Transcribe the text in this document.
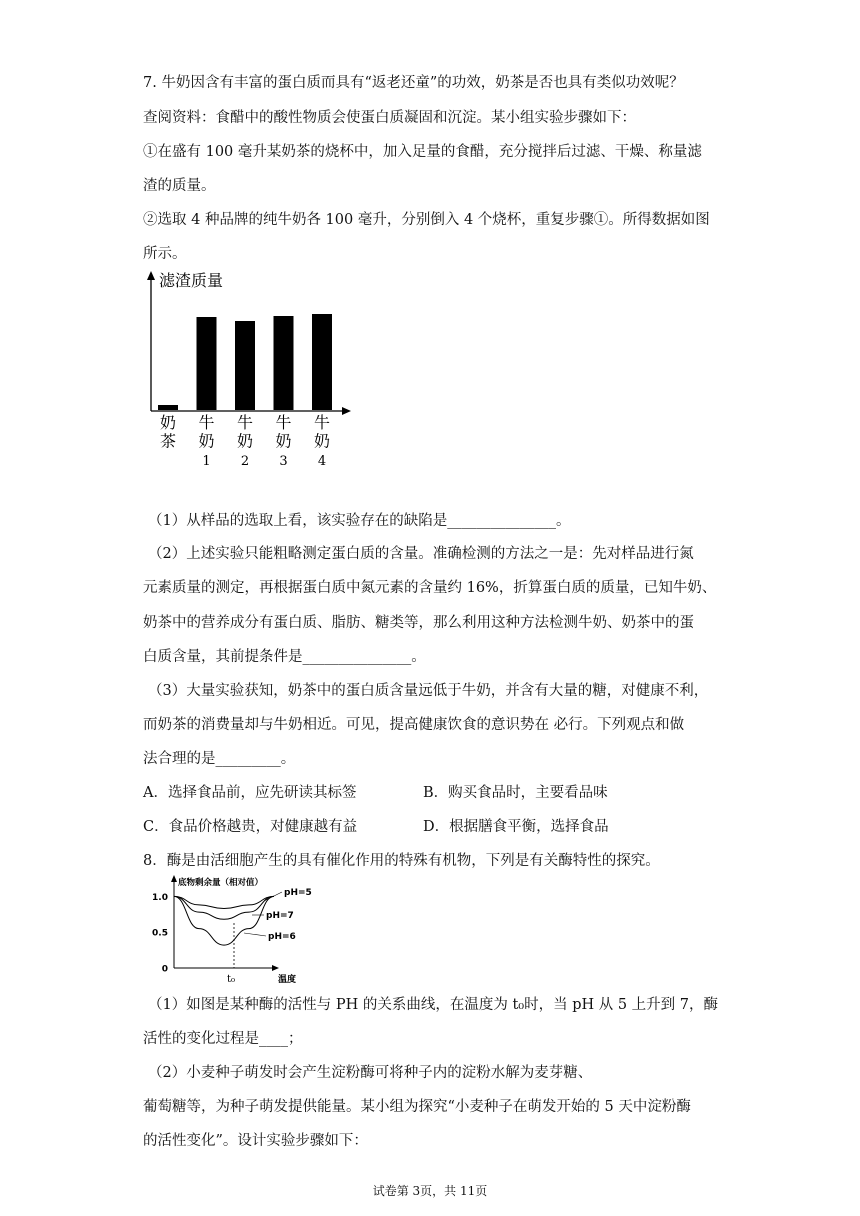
7. 牛奶因含有丰富的蛋白质而具有“返老还童”的功效，奶茶是否也具有类似功效呢？
查阅资料：食醋中的酸性物质会使蛋白质凝固和沉淀。某小组实验步骤如下：
①在盛有 100 毫升某奶茶的烧杯中，加入足量的食醋，充分搅拌后过滤、干燥、称量滤
渣的质量。
②选取 4 种品牌的纯牛奶各 100 毫升，分别倒入 4 个烧杯，重复步骤①。所得数据如图
所示。
滤渣质量
奶
茶
牛
奶
1
牛
奶
2
牛
奶
3
牛
奶
4
（1）从样品的选取上看，该实验存在的缺陷是_______________。
（2）上述实验只能粗略测定蛋白质的含量。准确检测的方法之一是：先对样品进行氮
元素质量的测定，再根据蛋白质中氮元素的含量约 16%，折算蛋白质的质量，已知牛奶、
奶茶中的营养成分有蛋白质、脂肪、糖类等，那么利用这种方法检测牛奶、奶茶中的蛋
白质含量，其前提条件是_______________。
（3）大量实验获知，奶茶中的蛋白质含量远低于牛奶，并含有大量的糖，对健康不利，
而奶茶的消费量却与牛奶相近。可见，提高健康饮食的意识势在 必行。下列观点和做
法合理的是_________。
A．选择食品前，应先研读其标签	B．购买食品时，主要看品味
C．食品价格越贵，对健康越有益	D．根据膳食平衡，选择食品
8．酶是由活细胞产生的具有催化作用的特殊有机物，下列是有关酶特性的探究。
底物剩余量（相对值）
温度
t₀
1.0
0.5
0
pH=5
pH=7
pH=6
（1）如图是某种酶的活性与 PH 的关系曲线，在温度为 t₀时，当 pH 从 5 上升到 7，酶
活性的变化过程是____；
（2）小麦种子萌发时会产生淀粉酶可将种子内的淀粉水解为麦芽糖、
葡萄糖等，为种子萌发提供能量。某小组为探究“小麦种子在萌发开始的 5 天中淀粉酶
的活性变化”。设计实验步骤如下：
试卷第 3页，共 11页
